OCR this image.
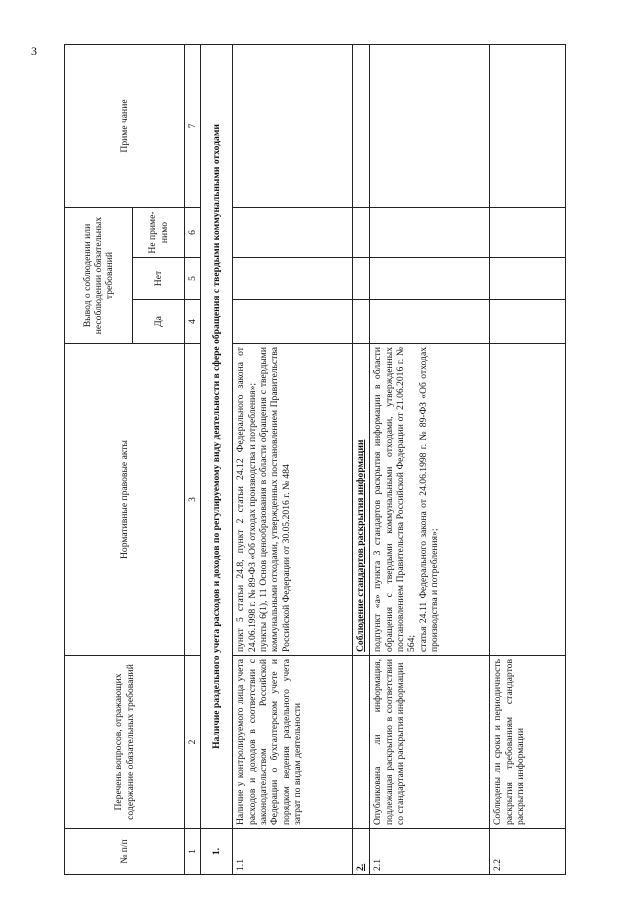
3
№ п/п	Перечень вопросов, отражающих содержание обязательных требований	Нормативные правовые акты	Вывод о соблюдении или несоблюдении обязательных требований			Приме чание
			Да	Нет	Не приме-нимо	
1	2	3	4	5	6	7
1.	Наличие раздельного учета расходов и доходов по регулируемому виду деятельности в сфере обращения с твердыми коммунальными отходами					
1.1	Наличие у контролируемого лица учета расходов и доходов в соответствии с законодательством Российской Федерации о бухгалтерском учете и порядком ведения раздельного учета затрат по видам деятельности	пункт 5 статьи 24.8, пункт 2 статьи 24.12 Федерального закона от 24.06.1998 г. № 89-ФЗ «Об отходах производства и потребления»; пункты 6(1), 11 Основ ценообразования в области обращения с твердыми коммунальными отходами, утвержденных постановлением Правительства Российской Федерации от 30.05.2016 г. № 484				

2.		Соблюдение стандартов раскрытия информации				
2.1	Опубликована ли информация, подлежащая раскрытию в соответствии со стандартами раскрытия информации	подпункт «а» пункта 3 стандартов раскрытия информации в области обращения с твердыми коммунальными отходами, утвержденных постановлением Правительства Российской Федерации от 21.06.2016 г. № 564; статья 24.11 Федерального закона от 24.06.1998 г. № 89-ФЗ «Об отходах производства и потребления»;				

2.2	Соблюдены ли сроки и периодичность раскрытия требованиям стандартов раскрытия информации					
